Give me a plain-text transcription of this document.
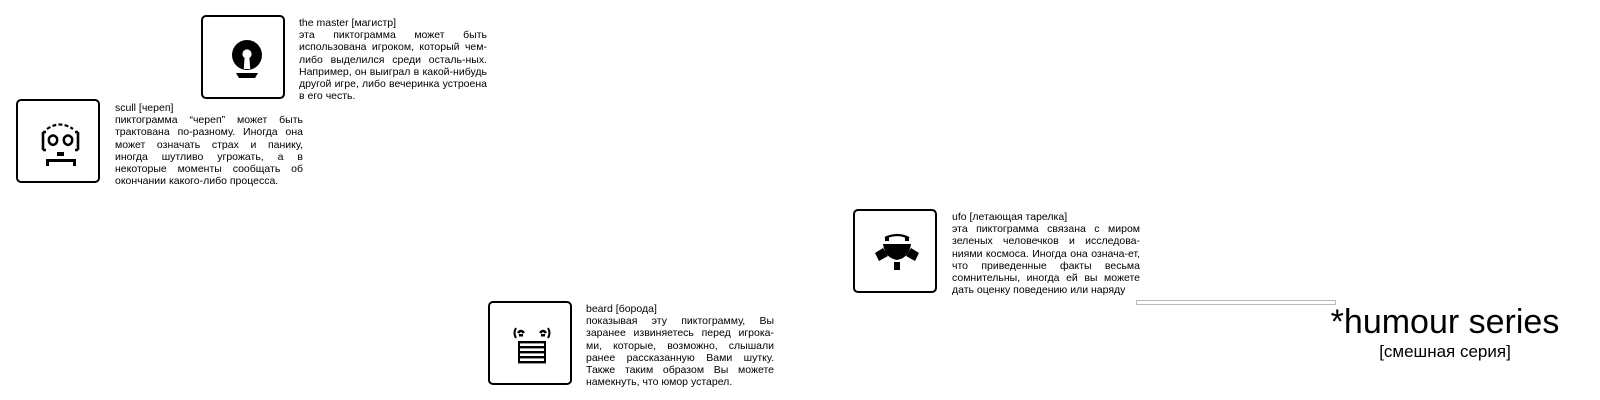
the master [магистр]
эта пиктограмма может быть использована игроком, который чем-либо выделился среди осталь-ных. Например, он выиграл в какой-нибудь другой игре, либо вечеринка устроена в его честь.
scull [череп]
пиктограмма “череп” может быть трактована по-разному. Иногда она может означать страх и панику, иногда шутливо угрожать, а в некоторые моменты сообщать об окончании какого-либо процесса.
ufo [летающая тарелка]
эта пиктограмма связана с миром зеленых человечков и исследова-ниями космоса. Иногда она означа-ет, что приведенные факты весьма сомнительны, иногда ей вы можете дать оценку поведению или наряду
beard [борода]
показывая эту пиктограмму, Вы заранее извиняетесь перед игрока-ми, которые, возможно, слышали ранее рассказанную Вами шутку. Также таким образом Вы можете намекнуть, что юмор устарел.
*humour series
[смешная серия]
